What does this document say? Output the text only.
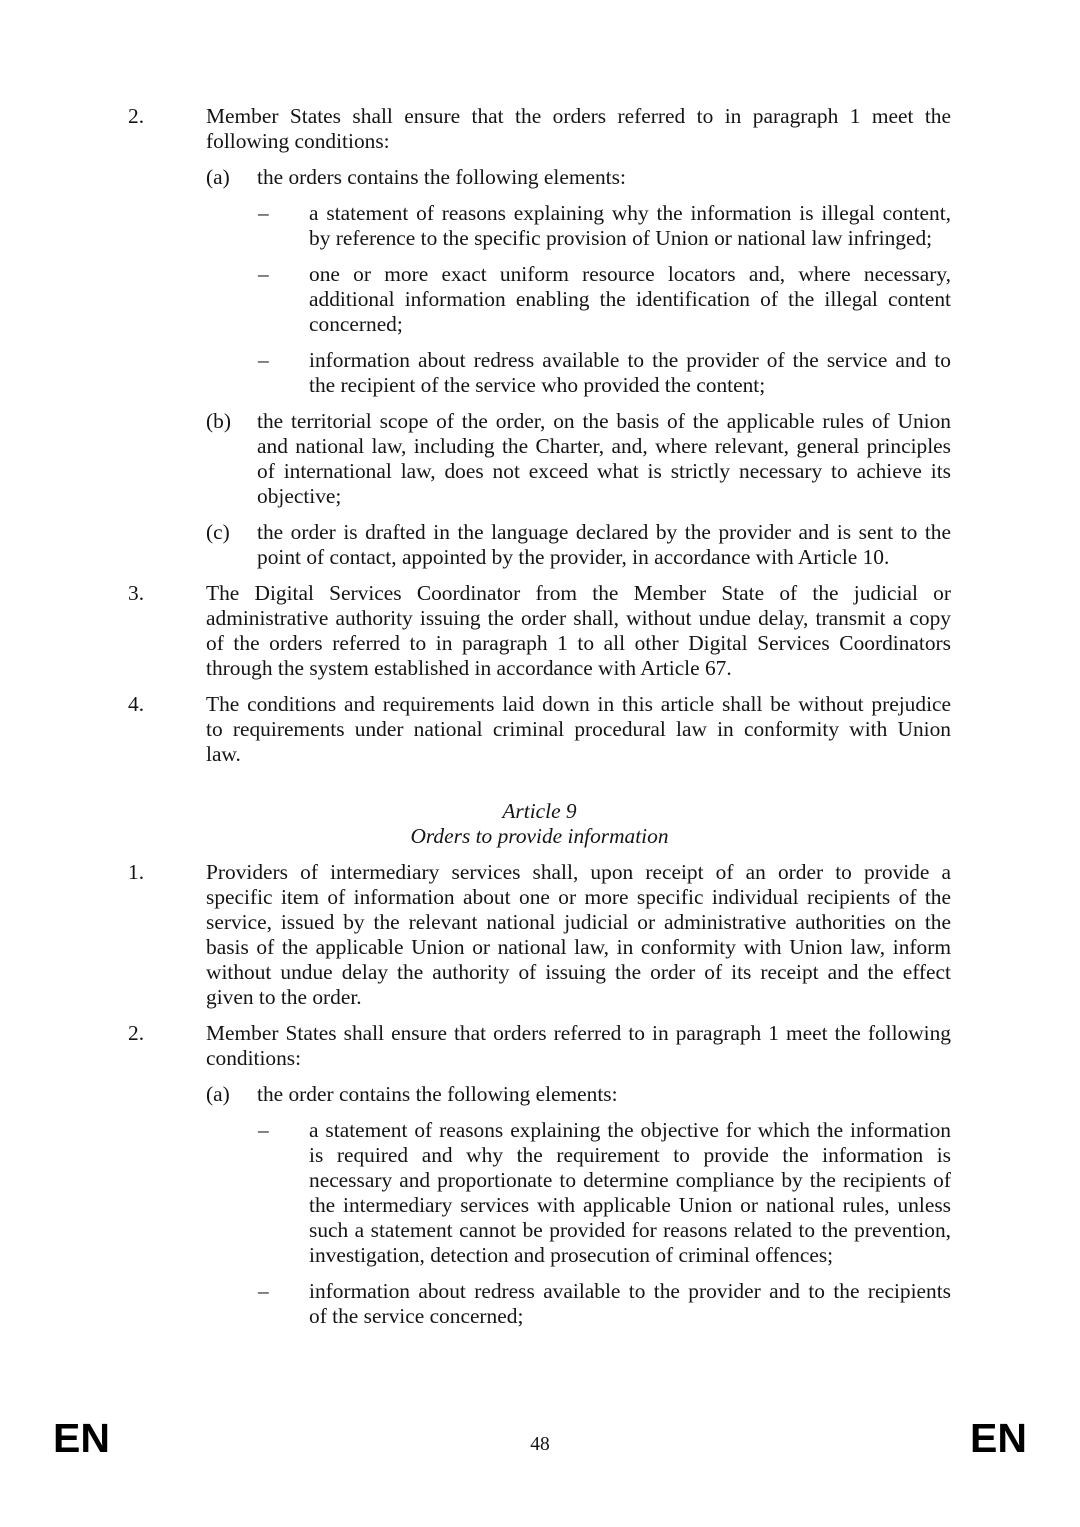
2.	Member States shall ensure that the orders referred to in paragraph 1 meet the
following conditions:
(a) the orders contains the following elements:
– a statement of reasons explaining why the information is illegal content,
by reference to the specific provision of Union or national law infringed;
– one or more exact uniform resource locators and, where necessary,
additional information enabling the identification of the illegal content
concerned;
– information about redress available to the provider of the service and to
the recipient of the service who provided the content;
(b) the territorial scope of the order, on the basis of the applicable rules of Union
and national law, including the Charter, and, where relevant, general principles
of international law, does not exceed what is strictly necessary to achieve its
objective;
(c) the order is drafted in the language declared by the provider and is sent to the
point of contact, appointed by the provider, in accordance with Article 10.
3.	The Digital Services Coordinator from the Member State of the judicial or
administrative authority issuing the order shall, without undue delay, transmit a copy
of the orders referred to in paragraph 1 to all other Digital Services Coordinators
through the system established in accordance with Article 67.
4.	The conditions and requirements laid down in this article shall be without prejudice
to requirements under national criminal procedural law in conformity with Union
law.
Article 9
Orders to provide information
1.	Providers of intermediary services shall, upon receipt of an order to provide a
specific item of information about one or more specific individual recipients of the
service, issued by the relevant national judicial or administrative authorities on the
basis of the applicable Union or national law, in conformity with Union law, inform
without undue delay the authority of issuing the order of its receipt and the effect
given to the order.
2.	Member States shall ensure that orders referred to in paragraph 1 meet the following
conditions:
(a) the order contains the following elements:
– a statement of reasons explaining the objective for which the information
is required and why the requirement to provide the information is
necessary and proportionate to determine compliance by the recipients of
the intermediary services with applicable Union or national rules, unless
such a statement cannot be provided for reasons related to the prevention,
investigation, detection and prosecution of criminal offences;
– information about redress available to the provider and to the recipients
of the service concerned;
EN	48	EN
